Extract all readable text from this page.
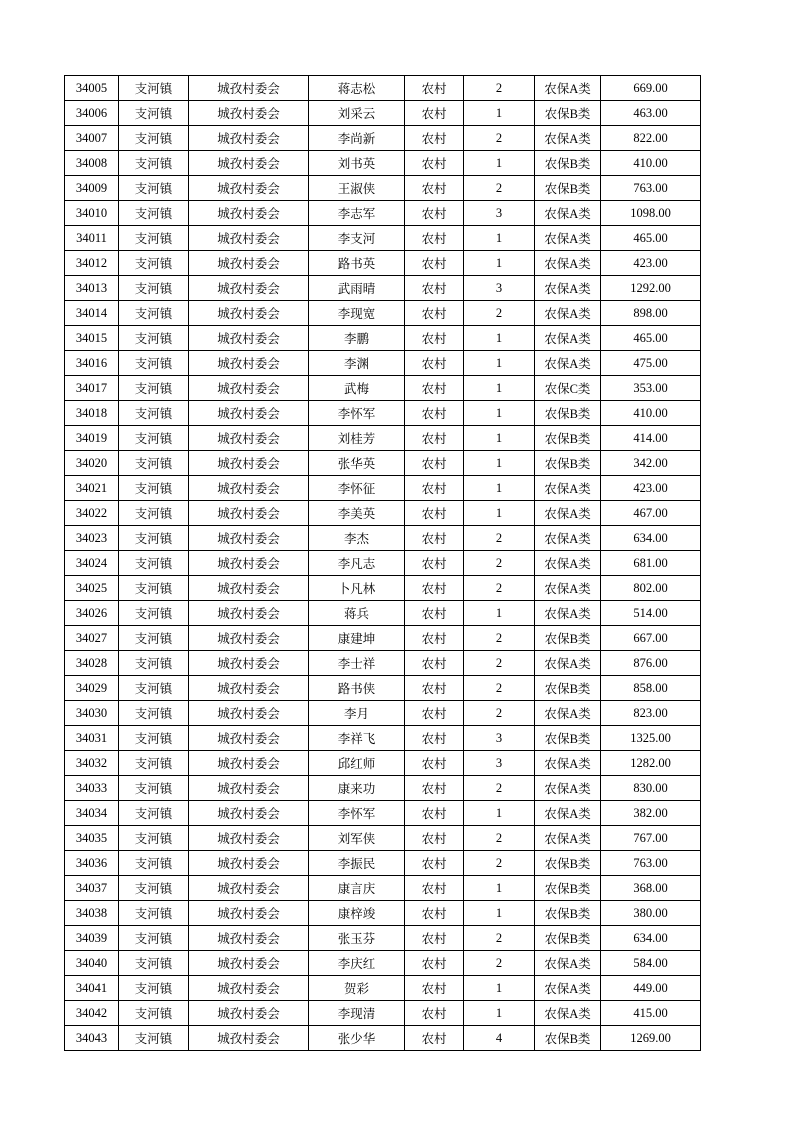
34005	支河镇	城孜村委会	蒋志松	农村	2	农保A类	669.00
34006	支河镇	城孜村委会	刘采云	农村	1	农保B类	463.00
34007	支河镇	城孜村委会	李尚新	农村	2	农保A类	822.00
34008	支河镇	城孜村委会	刘书英	农村	1	农保B类	410.00
34009	支河镇	城孜村委会	王淑侠	农村	2	农保B类	763.00
34010	支河镇	城孜村委会	李志军	农村	3	农保A类	1098.00
34011	支河镇	城孜村委会	李支河	农村	1	农保A类	465.00
34012	支河镇	城孜村委会	路书英	农村	1	农保A类	423.00
34013	支河镇	城孜村委会	武雨晴	农村	3	农保A类	1292.00
34014	支河镇	城孜村委会	李现宽	农村	2	农保A类	898.00
34015	支河镇	城孜村委会	李鹏	农村	1	农保A类	465.00
34016	支河镇	城孜村委会	李渊	农村	1	农保A类	475.00
34017	支河镇	城孜村委会	武梅	农村	1	农保C类	353.00
34018	支河镇	城孜村委会	李怀军	农村	1	农保B类	410.00
34019	支河镇	城孜村委会	刘桂芳	农村	1	农保B类	414.00
34020	支河镇	城孜村委会	张华英	农村	1	农保B类	342.00
34021	支河镇	城孜村委会	李怀征	农村	1	农保A类	423.00
34022	支河镇	城孜村委会	李美英	农村	1	农保A类	467.00
34023	支河镇	城孜村委会	李杰	农村	2	农保A类	634.00
34024	支河镇	城孜村委会	李凡志	农村	2	农保A类	681.00
34025	支河镇	城孜村委会	卜凡林	农村	2	农保A类	802.00
34026	支河镇	城孜村委会	蒋兵	农村	1	农保A类	514.00
34027	支河镇	城孜村委会	康建坤	农村	2	农保B类	667.00
34028	支河镇	城孜村委会	李士祥	农村	2	农保A类	876.00
34029	支河镇	城孜村委会	路书侠	农村	2	农保B类	858.00
34030	支河镇	城孜村委会	李月	农村	2	农保A类	823.00
34031	支河镇	城孜村委会	李祥飞	农村	3	农保B类	1325.00
34032	支河镇	城孜村委会	邱红师	农村	3	农保A类	1282.00
34033	支河镇	城孜村委会	康来功	农村	2	农保A类	830.00
34034	支河镇	城孜村委会	李怀军	农村	1	农保A类	382.00
34035	支河镇	城孜村委会	刘军侠	农村	2	农保A类	767.00
34036	支河镇	城孜村委会	李振民	农村	2	农保B类	763.00
34037	支河镇	城孜村委会	康言庆	农村	1	农保B类	368.00
34038	支河镇	城孜村委会	康梓竣	农村	1	农保B类	380.00
34039	支河镇	城孜村委会	张玉芬	农村	2	农保B类	634.00
34040	支河镇	城孜村委会	李庆红	农村	2	农保A类	584.00
34041	支河镇	城孜村委会	贺彩	农村	1	农保A类	449.00
34042	支河镇	城孜村委会	李现清	农村	1	农保A类	415.00
34043	支河镇	城孜村委会	张少华	农村	4	农保B类	1269.00
